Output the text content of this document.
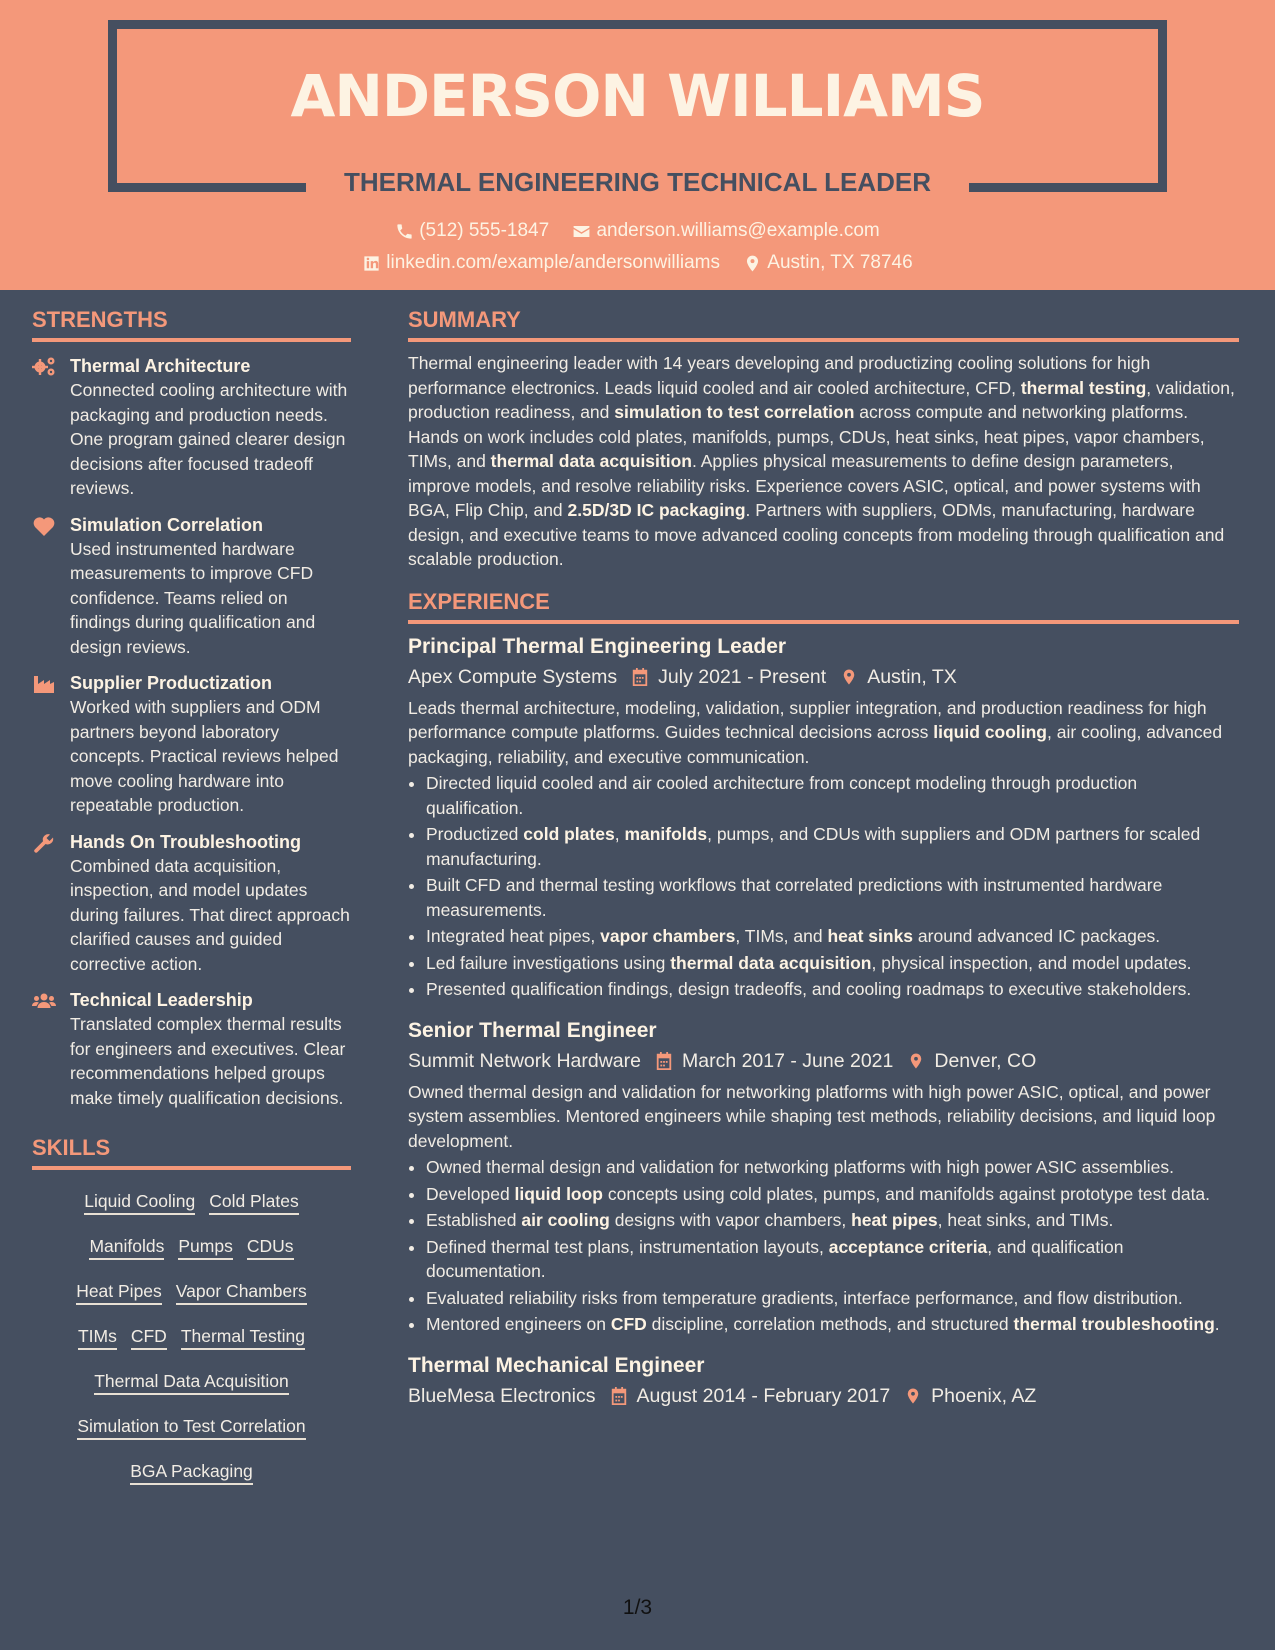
ANDERSON WILLIAMS
THERMAL ENGINEERING TECHNICAL LEADER
(512) 555-1847
anderson.williams@example.com
linkedin.com/example/andersonwilliams
Austin, TX 78746
STRENGTHS
Thermal Architecture
Connected cooling architecture with packaging and production needs. One program gained clearer design decisions after focused tradeoff reviews.
Simulation Correlation
Used instrumented hardware measurements to improve CFD confidence. Teams relied on findings during qualification and design reviews.
Supplier Productization
Worked with suppliers and ODM partners beyond laboratory concepts. Practical reviews helped move cooling hardware into repeatable production.
Hands On Troubleshooting
Combined data acquisition, inspection, and model updates during failures. That direct approach clarified causes and guided corrective action.
Technical Leadership
Translated complex thermal results for engineers and executives. Clear recommendations helped groups make timely qualification decisions.
SKILLS
Liquid Cooling Cold Plates
Manifolds Pumps CDUs
Heat Pipes Vapor Chambers
TIMs CFD Thermal Testing
Thermal Data Acquisition
Simulation to Test Correlation
BGA Packaging
SUMMARY
Thermal engineering leader with 14 years developing and productizing cooling solutions for high performance electronics. Leads liquid cooled and air cooled architecture, CFD, thermal testing, validation, production readiness, and simulation to test correlation across compute and networking platforms. Hands on work includes cold plates, manifolds, pumps, CDUs, heat sinks, heat pipes, vapor chambers, TIMs, and thermal data acquisition. Applies physical measurements to define design parameters, improve models, and resolve reliability risks. Experience covers ASIC, optical, and power systems with BGA, Flip Chip, and 2.5D/3D IC packaging. Partners with suppliers, ODMs, manufacturing, hardware design, and executive teams to move advanced cooling concepts from modeling through qualification and scalable production.
EXPERIENCE
Principal Thermal Engineering Leader
Apex Compute Systems July 2021 - Present Austin, TX
Leads thermal architecture, modeling, validation, supplier integration, and production readiness for high performance compute platforms. Guides technical decisions across liquid cooling, air cooling, advanced packaging, reliability, and executive communication.
• Directed liquid cooled and air cooled architecture from concept modeling through production qualification.
• Productized cold plates, manifolds, pumps, and CDUs with suppliers and ODM partners for scaled manufacturing.
• Built CFD and thermal testing workflows that correlated predictions with instrumented hardware measurements.
• Integrated heat pipes, vapor chambers, TIMs, and heat sinks around advanced IC packages.
• Led failure investigations using thermal data acquisition, physical inspection, and model updates.
• Presented qualification findings, design tradeoffs, and cooling roadmaps to executive stakeholders.
Senior Thermal Engineer
Summit Network Hardware March 2017 - June 2021 Denver, CO
Owned thermal design and validation for networking platforms with high power ASIC, optical, and power system assemblies. Mentored engineers while shaping test methods, reliability decisions, and liquid loop development.
• Owned thermal design and validation for networking platforms with high power ASIC assemblies.
• Developed liquid loop concepts using cold plates, pumps, and manifolds against prototype test data.
• Established air cooling designs with vapor chambers, heat pipes, heat sinks, and TIMs.
• Defined thermal test plans, instrumentation layouts, acceptance criteria, and qualification documentation.
• Evaluated reliability risks from temperature gradients, interface performance, and flow distribution.
• Mentored engineers on CFD discipline, correlation methods, and structured thermal troubleshooting.
Thermal Mechanical Engineer
BlueMesa Electronics August 2014 - February 2017 Phoenix, AZ
1/3
